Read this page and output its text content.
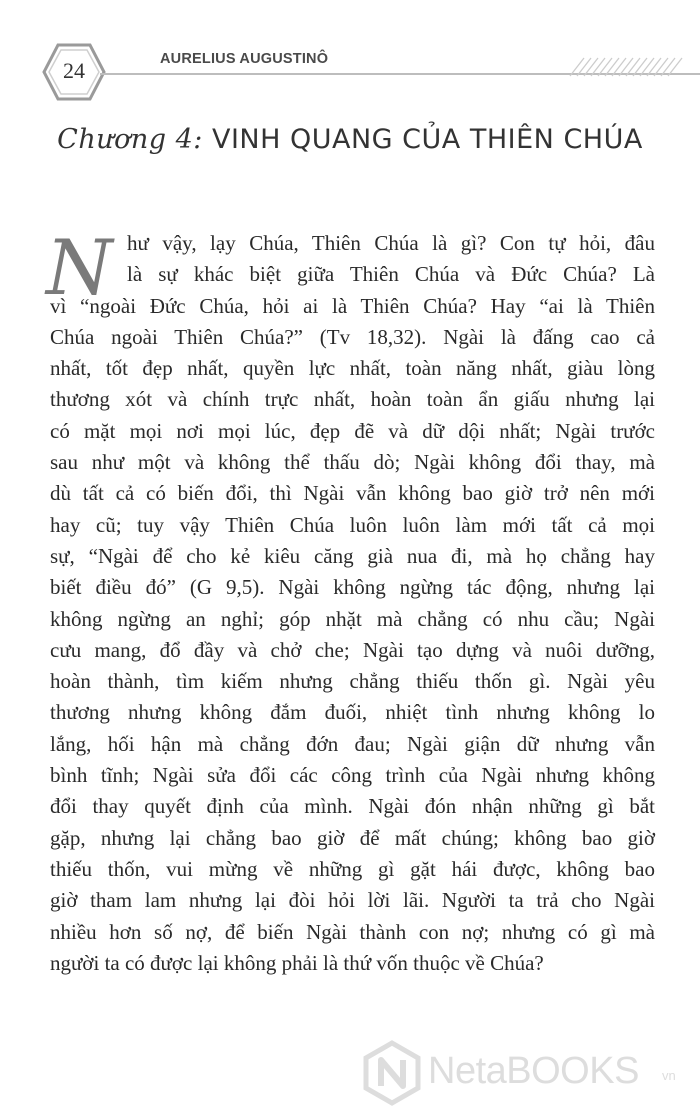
24	AURELIUS AUGUSTINÔ
Chương 4: VINH QUANG CỦA THIÊN CHÚA
N hư vậy, lạy Chúa, Thiên Chúa là gì? Con tự hỏi, đâu
là sự khác biệt giữa Thiên Chúa và Đức Chúa? Là
vì “ngoài Đức Chúa, hỏi ai là Thiên Chúa? Hay “ai là Thiên
Chúa ngoài Thiên Chúa?” (Tv 18,32). Ngài là đấng cao cả
nhất, tốt đẹp nhất, quyền lực nhất, toàn năng nhất, giàu lòng
thương xót và chính trực nhất, hoàn toàn ẩn giấu nhưng lại
có mặt mọi nơi mọi lúc, đẹp đẽ và dữ dội nhất; Ngài trước
sau như một và không thể thấu dò; Ngài không đổi thay, mà
dù tất cả có biến đổi, thì Ngài vẫn không bao giờ trở nên mới
hay cũ; tuy vậy Thiên Chúa luôn luôn làm mới tất cả mọi
sự, “Ngài để cho kẻ kiêu căng già nua đi, mà họ chẳng hay
biết điều đó” (G 9,5). Ngài không ngừng tác động, nhưng lại
không ngừng an nghỉ; góp nhặt mà chẳng có nhu cầu; Ngài
cưu mang, đổ đầy và chở che; Ngài tạo dựng và nuôi dưỡng,
hoàn thành, tìm kiếm nhưng chẳng thiếu thốn gì. Ngài yêu
thương nhưng không đắm đuối, nhiệt tình nhưng không lo
lắng, hối hận mà chẳng đớn đau; Ngài giận dữ nhưng vẫn
bình tĩnh; Ngài sửa đổi các công trình của Ngài nhưng không
đổi thay quyết định của mình. Ngài đón nhận những gì bắt
gặp, nhưng lại chẳng bao giờ để mất chúng; không bao giờ
thiếu thốn, vui mừng về những gì gặt hái được, không bao
giờ tham lam nhưng lại đòi hỏi lời lãi. Người ta trả cho Ngài
nhiều hơn số nợ, để biến Ngài thành con nợ; nhưng có gì mà
người ta có được lại không phải là thứ vốn thuộc về Chúa?
NetaBOOKS vn
